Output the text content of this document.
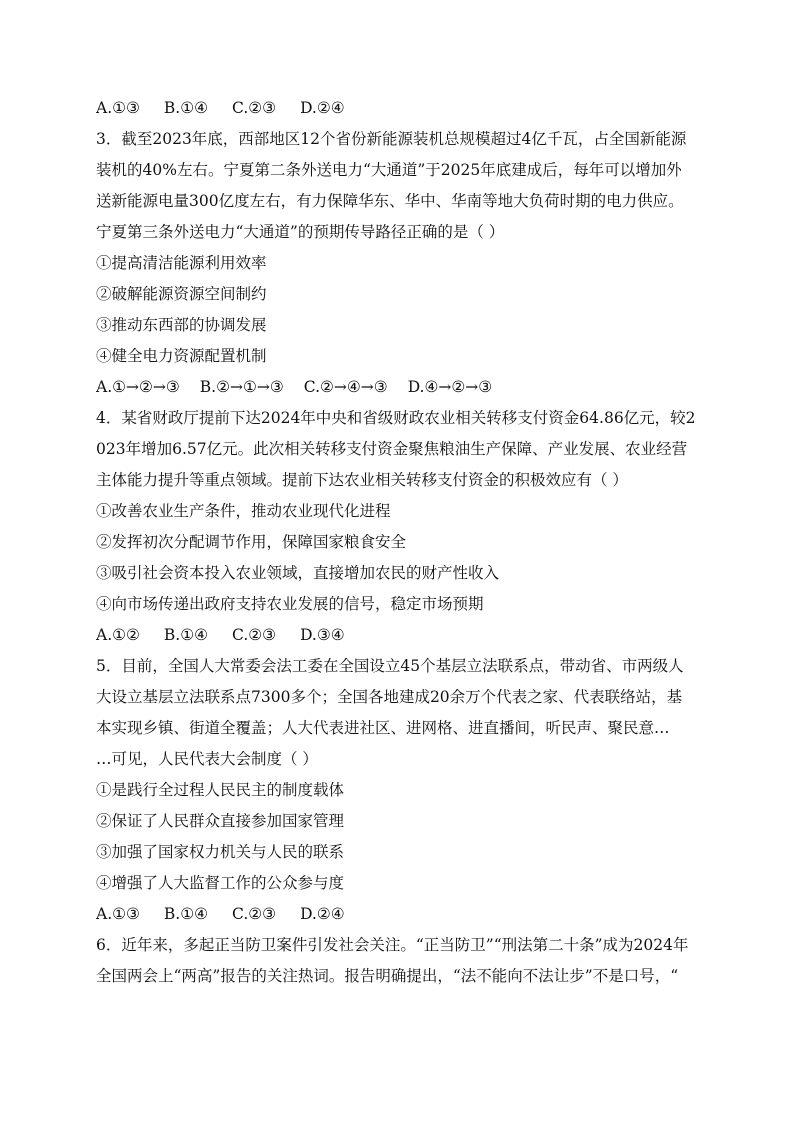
A.①③ B.①④ C.②③ D.②④
3．截至2023年底，西部地区12个省份新能源装机总规模超过4亿千瓦，占全国新能源
装机的40%左右。宁夏第二条外送电力“大通道”于2025年底建成后，每年可以增加外
送新能源电量300亿度左右，有力保障华东、华中、华南等地大负荷时期的电力供应。
宁夏第三条外送电力“大通道”的预期传导路径正确的是（ ）
①提高清洁能源利用效率
②破解能源资源空间制约
③推动东西部的协调发展
④健全电力资源配置机制
A.①→②→③ B.②→①→③ C.②→④→③ D.④→②→③
4．某省财政厅提前下达2024年中央和省级财政农业相关转移支付资金64.86亿元，较2
023年增加6.57亿元。此次相关转移支付资金聚焦粮油生产保障、产业发展、农业经营
主体能力提升等重点领域。提前下达农业相关转移支付资金的积极效应有（ ）
①改善农业生产条件，推动农业现代化进程
②发挥初次分配调节作用，保障国家粮食安全
③吸引社会资本投入农业领域，直接增加农民的财产性收入
④向市场传递出政府支持农业发展的信号，稳定市场预期
A.①② B.①④ C.②③ D.③④
5．目前，全国人大常委会法工委在全国设立45个基层立法联系点，带动省、市两级人
大设立基层立法联系点7300多个；全国各地建成20余万个代表之家、代表联络站，基
本实现乡镇、街道全覆盖；人大代表进社区、进网格、进直播间，听民声、聚民意…
…可见，人民代表大会制度（ ）
①是践行全过程人民民主的制度载体
②保证了人民群众直接参加国家管理
③加强了国家权力机关与人民的联系
④增强了人大监督工作的公众参与度
A.①③ B.①④ C.②③ D.②④
6．近年来，多起正当防卫案件引发社会关注。“正当防卫”“刑法第二十条”成为2024年
全国两会上“两高”报告的关注热词。报告明确提出，“法不能向不法让步”不是口号，“
